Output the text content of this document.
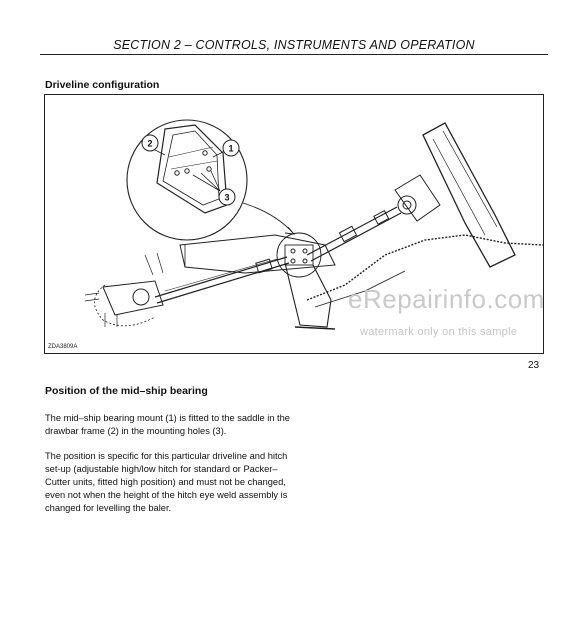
SECTION 2 – CONTROLS, INSTRUMENTS AND OPERATION
Driveline configuration
1
2
3
ZDA3809A
eRepairinfo.com
watermark only on this sample
23
Position of the mid–ship bearing

The mid–ship bearing mount (1) is fitted to the saddle in the drawbar frame (2) in the mounting holes (3).

The position is specific for this particular driveline and hitch set-up (adjustable high/low hitch for standard or Packer–Cutter units, fitted high position) and must not be changed, even not when the height of the hitch eye weld assembly is changed for levelling the baler.
